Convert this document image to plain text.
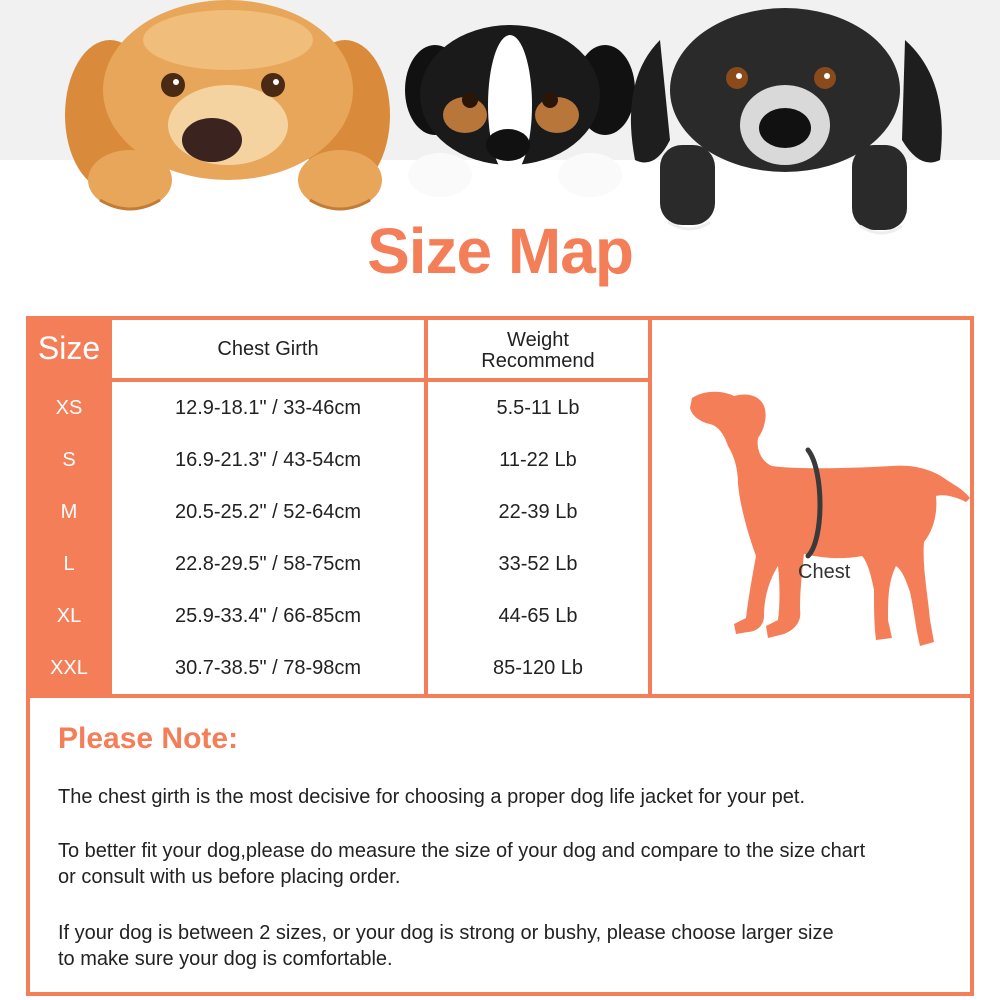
Size Map
Size	Chest Girth	Weight
Recommend
XS	12.9-18.1" / 33-46cm	5.5-11 Lb
S	16.9-21.3" / 43-54cm	11-22 Lb
M	20.5-25.2" / 52-64cm	22-39 Lb
L	22.8-29.5" / 58-75cm	33-52 Lb
XL	25.9-33.4" / 66-85cm	44-65 Lb
XXL	30.7-38.5" / 78-98cm	85-120 Lb
Chest
Please Note:
The chest girth is the most decisive for choosing a proper dog life jacket for your pet.
To better fit your dog,please do measure the size of your dog and compare to the size chart
or consult with us before placing order.
If your dog is between 2 sizes, or your dog is strong or bushy, please choose larger size
to make sure your dog is comfortable.
